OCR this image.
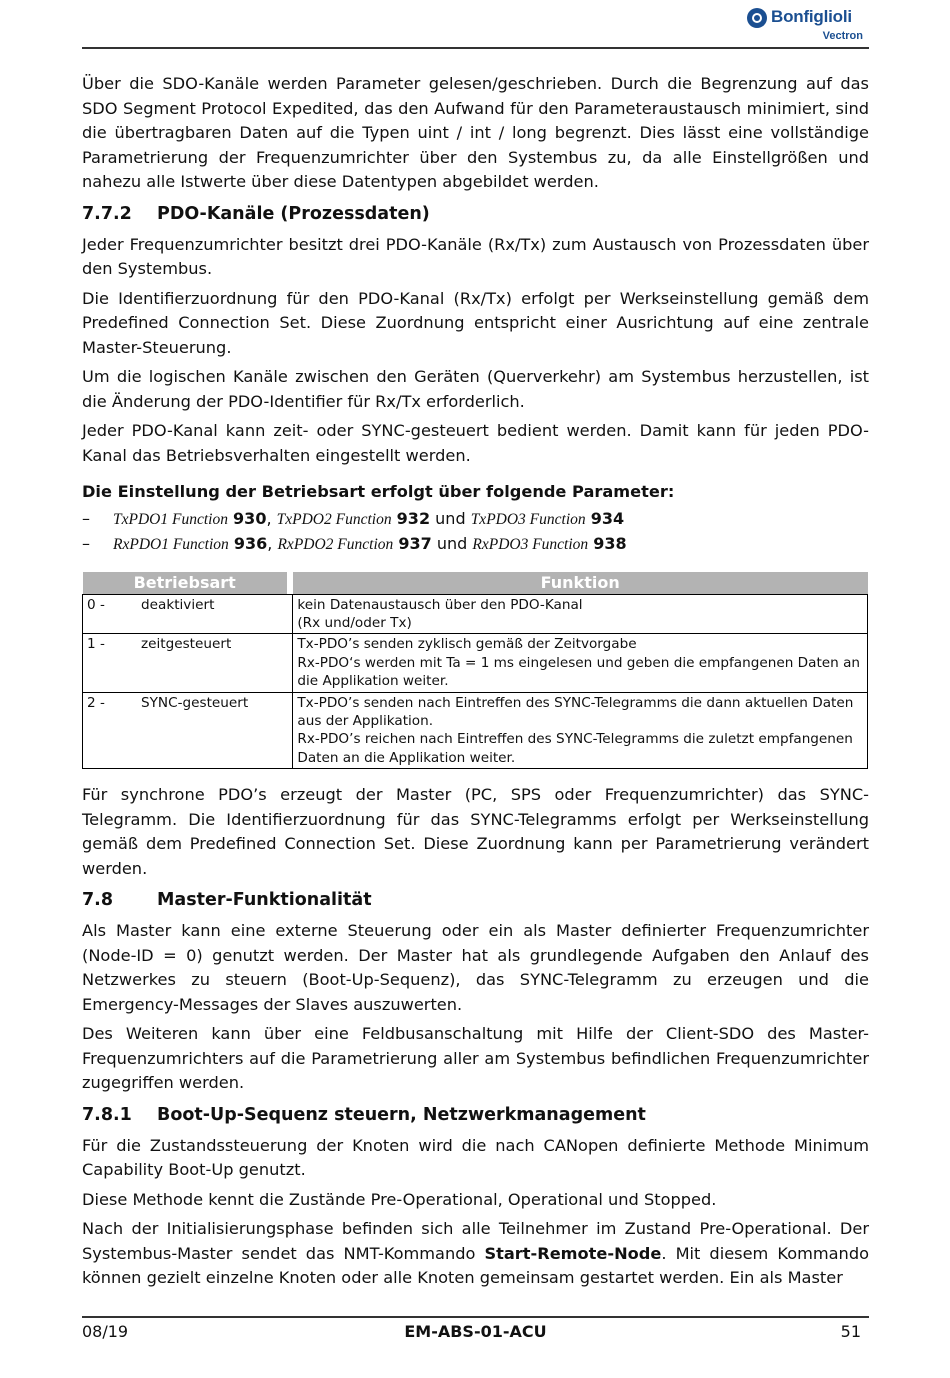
Bonfiglioli
Vectron

Über die SDO-Kanäle werden Parameter gelesen/geschrieben. Durch die Begrenzung auf das SDO Segment Protocol Expedited, das den Aufwand für den Parameteraustausch minimiert, sind die übertragbaren Daten auf die Typen uint / int / long begrenzt. Dies lässt eine vollständige Parametrierung der Frequenzumrichter über den Systembus zu, da alle Einstellgrößen und nahezu alle Istwerte über diese Datentypen abgebildet werden.

7.7.2 PDO-Kanäle (Prozessdaten)

Jeder Frequenzumrichter besitzt drei PDO-Kanäle (Rx/Tx) zum Austausch von Prozessdaten über den Systembus.

Die Identifierzuordnung für den PDO-Kanal (Rx/Tx) erfolgt per Werkseinstellung gemäß dem Predefined Connection Set. Diese Zuordnung entspricht einer Ausrichtung auf eine zentrale Master-Steuerung.

Um die logischen Kanäle zwischen den Geräten (Querverkehr) am Systembus herzustellen, ist die Änderung der PDO-Identifier für Rx/Tx erforderlich.

Jeder PDO-Kanal kann zeit- oder SYNC-gesteuert bedient werden. Damit kann für jeden PDO-Kanal das Betriebsverhalten eingestellt werden.

Die Einstellung der Betriebsart erfolgt über folgende Parameter:

– TxPDO1 Function 930, TxPDO2 Function 932 und TxPDO3 Function 934
– RxPDO1 Function 936, RxPDO2 Function 937 und RxPDO3 Function 938
Betriebsart			Funktion
0 -	deaktiviert		kein Datenaustausch über den PDO-Kanal
(Rx und/oder Tx)

1 -	zeitgesteuert		Tx-PDO’s senden zyklisch gemäß der Zeitvorgabe
Rx-PDO‘s werden mit Ta = 1 ms eingelesen und geben die empfangenen Daten an die Applikation weiter.

2 -	SYNC-gesteuert		Tx-PDO’s senden nach Eintreffen des SYNC-Telegramms die dann aktuellen Daten aus der Applikation.
Rx-PDO’s reichen nach Eintreffen des SYNC-Telegramms die zuletzt empfangenen Daten an die Applikation weiter.

Für synchrone PDO’s erzeugt der Master (PC, SPS oder Frequenzumrichter) das SYNC-Telegramm. Die Identifierzuordnung für das SYNC-Telegramms erfolgt per Werkseinstellung gemäß dem Predefined Connection Set. Diese Zuordnung kann per Parametrierung verändert werden.

7.8	Master-Funktionalität

Als Master kann eine externe Steuerung oder ein als Master definierter Frequenzumrichter (Node-ID = 0) genutzt werden. Der Master hat als grundlegende Aufgaben den Anlauf des Netzwerkes zu steuern (Boot-Up-Sequenz), das SYNC-Telegramm zu erzeugen und die Emergency-Messages der Slaves auszuwerten.

Des Weiteren kann über eine Feldbusanschaltung mit Hilfe der Client-SDO des Master-Frequenzumrichters auf die Parametrierung aller am Systembus befindlichen Frequenzumrichter zugegriffen werden.

7.8.1 Boot-Up-Sequenz steuern, Netzwerkmanagement

Für die Zustandssteuerung der Knoten wird die nach CANopen definierte Methode Minimum Capability Boot-Up genutzt.

Diese Methode kennt die Zustände Pre-Operational, Operational und Stopped.

Nach der Initialisierungsphase befinden sich alle Teilnehmer im Zustand Pre-Operational. Der Systembus-Master sendet das NMT-Kommando Start-Remote-Node. Mit diesem Kommando können gezielt einzelne Knoten oder alle Knoten gemeinsam gestartet werden. Ein als Master

08/19	EM-ABS-01-ACU	51
